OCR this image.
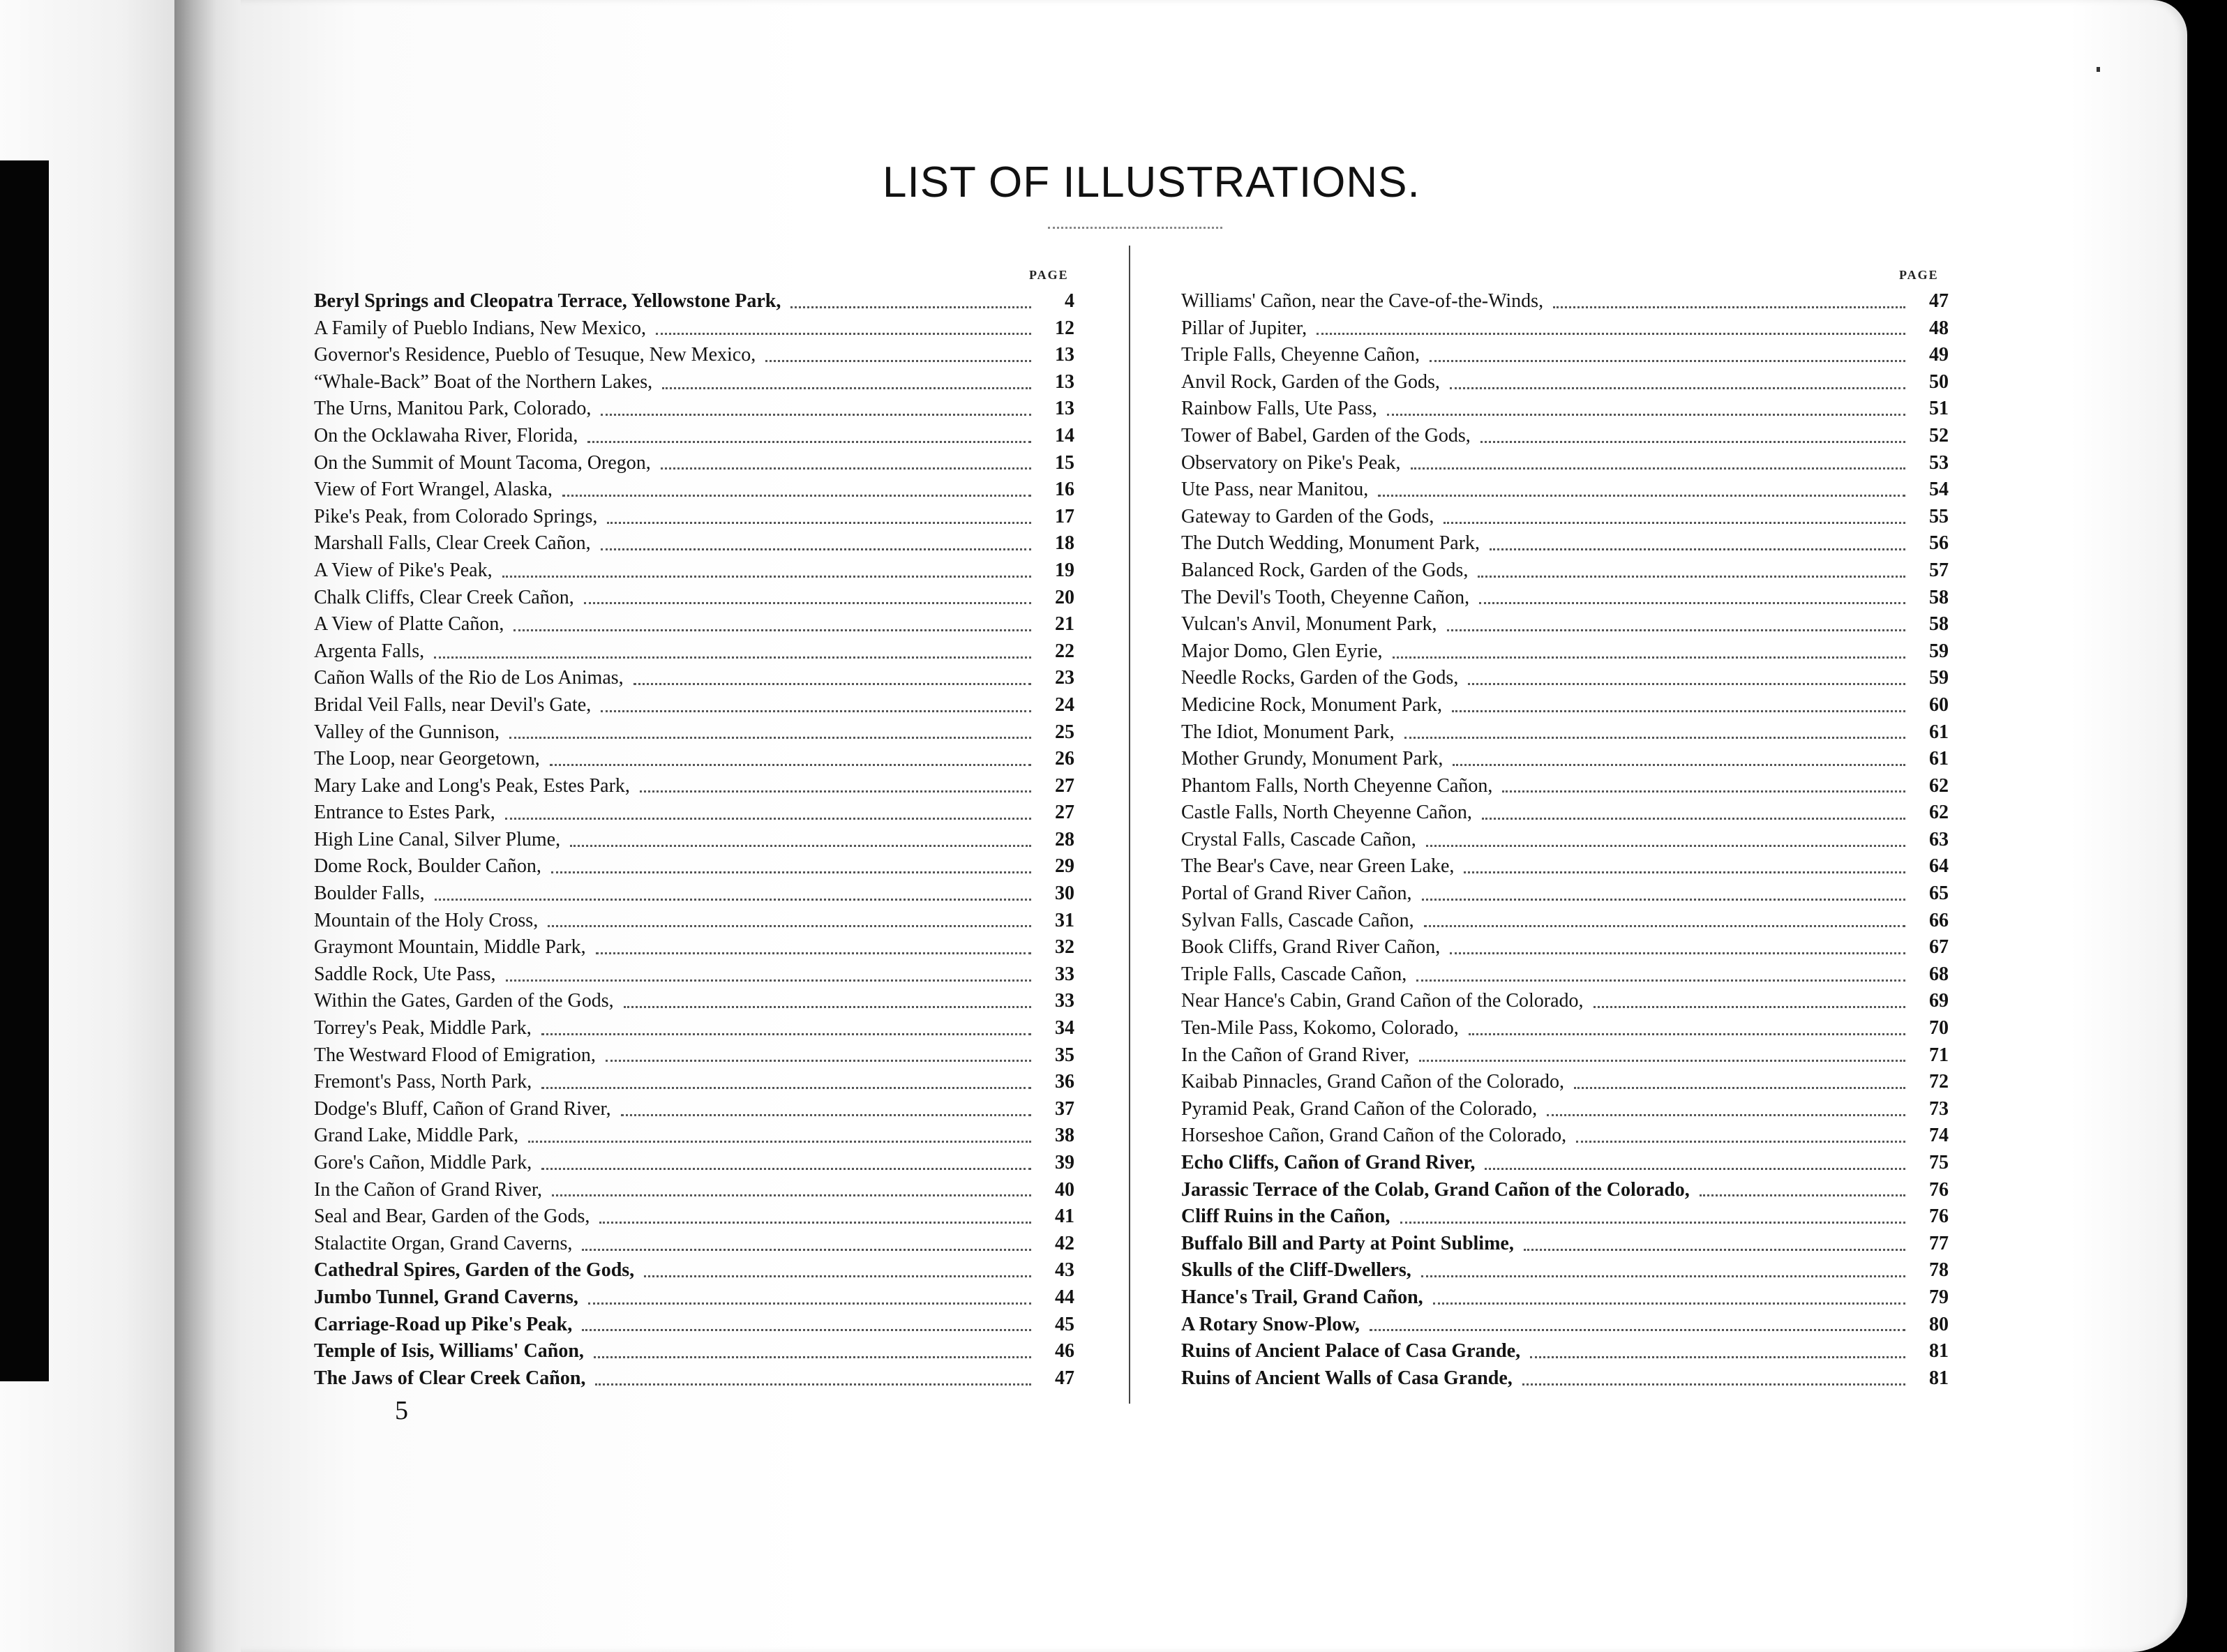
LIST OF ILLUSTRATIONS.
PAGE	PAGE
Beryl Springs and Cleopatra Terrace, Yellowstone Park,	4
A Family of Pueblo Indians, New Mexico,	12
Governor's Residence, Pueblo of Tesuque, New Mexico,	13
“Whale-Back” Boat of the Northern Lakes,	13
The Urns, Manitou Park, Colorado,	13
On the Ocklawaha River, Florida,	14
On the Summit of Mount Tacoma, Oregon,	15
View of Fort Wrangel, Alaska,	16
Pike's Peak, from Colorado Springs,	17
Marshall Falls, Clear Creek Cañon,	18
A View of Pike's Peak,	19
Chalk Cliffs, Clear Creek Cañon,	20
A View of Platte Cañon,	21
Argenta Falls,	22
Cañon Walls of the Rio de Los Animas,	23
Bridal Veil Falls, near Devil's Gate,	24
Valley of the Gunnison,	25
The Loop, near Georgetown,	26
Mary Lake and Long's Peak, Estes Park,	27
Entrance to Estes Park,	27
High Line Canal, Silver Plume,	28
Dome Rock, Boulder Cañon,	29
Boulder Falls,	30
Mountain of the Holy Cross,	31
Graymont Mountain, Middle Park,	32
Saddle Rock, Ute Pass,	33
Within the Gates, Garden of the Gods,	33
Torrey's Peak, Middle Park,	34
The Westward Flood of Emigration,	35
Fremont's Pass, North Park,	36
Dodge's Bluff, Cañon of Grand River,	37
Grand Lake, Middle Park,	38
Gore's Cañon, Middle Park,	39
In the Cañon of Grand River,	40
Seal and Bear, Garden of the Gods,	41
Stalactite Organ, Grand Caverns,	42
Cathedral Spires, Garden of the Gods,	43
Jumbo Tunnel, Grand Caverns,	44
Carriage-Road up Pike's Peak,	45
Temple of Isis, Williams' Cañon,	46
The Jaws of Clear Creek Cañon,	47
Williams' Cañon, near the Cave-of-the-Winds,	47
Pillar of Jupiter,	48
Triple Falls, Cheyenne Cañon,	49
Anvil Rock, Garden of the Gods,	50
Rainbow Falls, Ute Pass,	51
Tower of Babel, Garden of the Gods,	52
Observatory on Pike's Peak,	53
Ute Pass, near Manitou,	54
Gateway to Garden of the Gods,	55
The Dutch Wedding, Monument Park,	56
Balanced Rock, Garden of the Gods,	57
The Devil's Tooth, Cheyenne Cañon,	58
Vulcan's Anvil, Monument Park,	58
Major Domo, Glen Eyrie,	59
Needle Rocks, Garden of the Gods,	59
Medicine Rock, Monument Park,	60
The Idiot, Monument Park,	61
Mother Grundy, Monument Park,	61
Phantom Falls, North Cheyenne Cañon,	62
Castle Falls, North Cheyenne Cañon,	62
Crystal Falls, Cascade Cañon,	63
The Bear's Cave, near Green Lake,	64
Portal of Grand River Cañon,	65
Sylvan Falls, Cascade Cañon,	66
Book Cliffs, Grand River Cañon,	67
Triple Falls, Cascade Cañon,	68
Near Hance's Cabin, Grand Cañon of the Colorado,	69
Ten-Mile Pass, Kokomo, Colorado,	70
In the Cañon of Grand River,	71
Kaibab Pinnacles, Grand Cañon of the Colorado,	72
Pyramid Peak, Grand Cañon of the Colorado,	73
Horseshoe Cañon, Grand Cañon of the Colorado,	74
Echo Cliffs, Cañon of Grand River,	75
Jarassic Terrace of the Colab, Grand Cañon of the Colorado,	76
Cliff Ruins in the Cañon,	76
Buffalo Bill and Party at Point Sublime,	77
Skulls of the Cliff-Dwellers,	78
Hance's Trail, Grand Cañon,	79
A Rotary Snow-Plow,	80
Ruins of Ancient Palace of Casa Grande,	81
Ruins of Ancient Walls of Casa Grande,	81
5
